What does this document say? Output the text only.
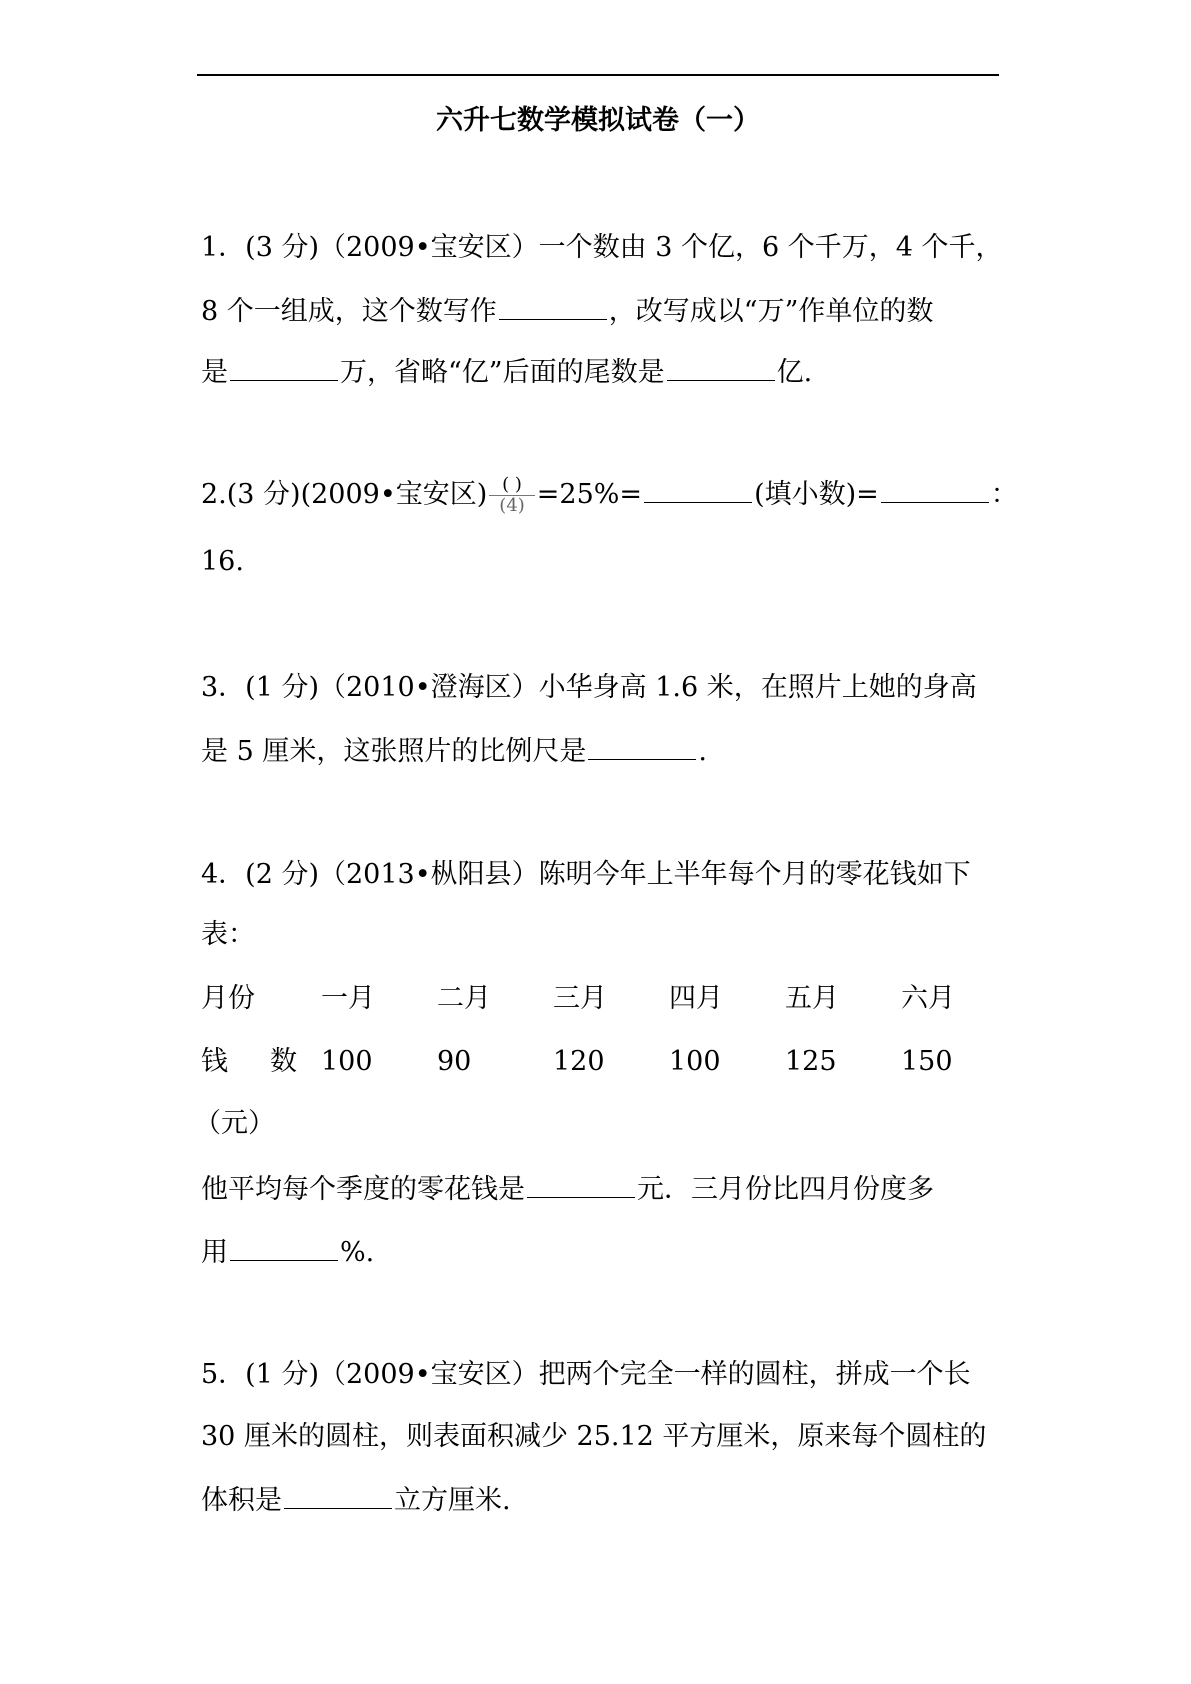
六升七数学模拟试卷（一）
1．(3 分)（2009•宝安区）一个数由 3 个亿，6 个千万，4 个千，
8 个一组成，这个数写作	，改写成以“万”作单位的数
是	万，省略“亿”后面的尾数是	亿.
2.(3 分)(2009•宝安区) $\frac{( )}{(4)} =25\%=$	(填小数)=	：
16.
3．(1 分)（2010•澄海区）小华身高 1.6 米，在照片上她的身高
是 5 厘米，这张照片的比例尺是	.
4．(2 分)（2013•枞阳县）陈明今年上半年每个月的零花钱如下
表：
月份 一月 二月 三月 四月 五月 六月
钱 数 100 90	120 100 125 150
（元）
他平均每个季度的零花钱是	元．三月份比四月份度多
用	%.
5．(1 分)（2009•宝安区）把两个完全一样的圆柱，拼成一个长
30 厘米的圆柱，则表面积减少 25.12 平方厘米，原来每个圆柱的
体积是	立方厘米.
